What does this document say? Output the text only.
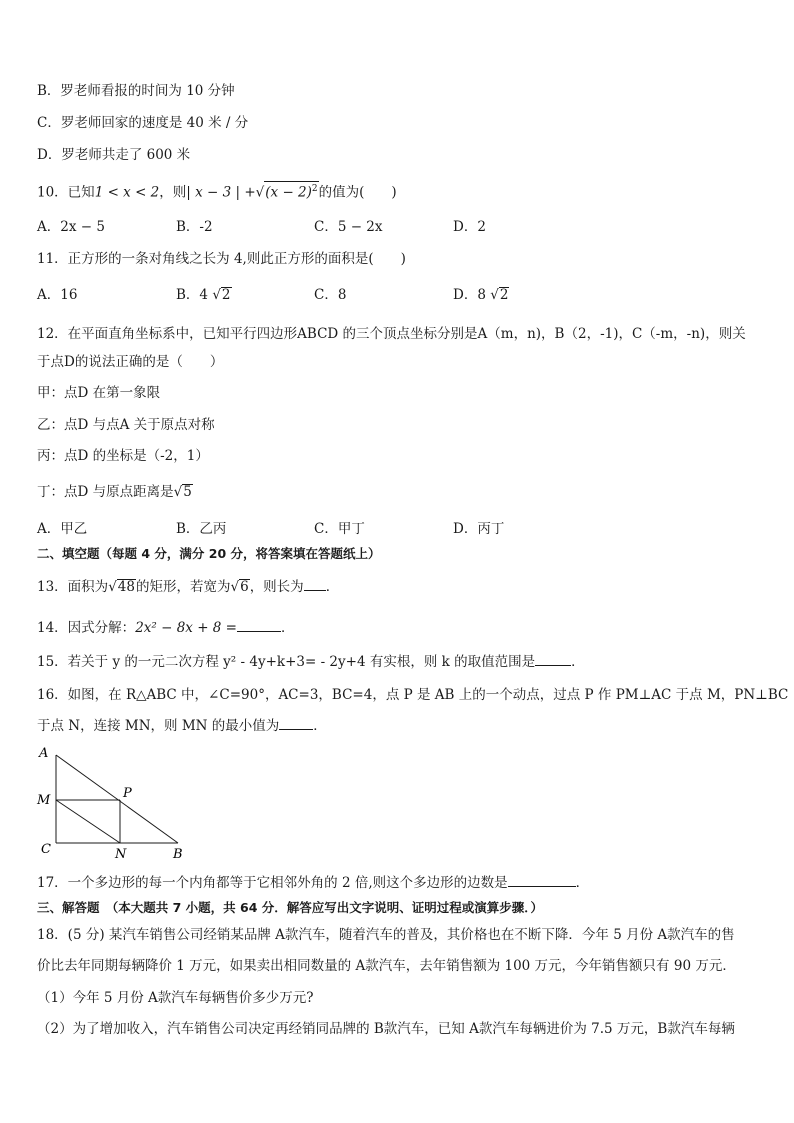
B．罗老师看报的时间为 10 分钟
C．罗老师回家的速度是 40 米 / 分
D．罗老师共走了 600 米
10．已知1 < x < 2，则| x − 3 | $+√(x - 2)^2$的值为(　　)
A．2x − 5	B．-2	C．5 − 2x	D．2
11．正方形的一条对角线之长为 4,则此正方形的面积是(　　)
A．16	B．4 √2	C．8	D．8 √2
12．在平面直角坐标系中，已知平行四边形ABCD 的三个顶点坐标分别是A（m，n)，B（2，-1)，C（-m，-n)，则关
于点D的说法正确的是（　　）
甲：点D 在第一象限
乙：点D 与点A 关于原点对称
丙：点D 的坐标是（-2，1）
丁：点D 与原点距离是√5
A．甲乙	B．乙丙	C．甲丁	D．丙丁
二、填空题（每题 4 分，满分 20 分，将答案填在答题纸上）
13．面积为√48的矩形，若宽为√6，则长为 ．
14．因式分解：2x² − 8x + 8 =	．
15．若关于 y 的一元二次方程 y² - 4y+k+3= - 2y+4 有实根，则 k 的取值范围是	．
16．如图，在 R△ABC 中，∠C=90°，AC=3，BC=4，点 P 是 AB 上的一个动点，过点 P 作 PM⊥AC 于点 M，PN⊥BC
于点 N，连接 MN，则 MN 的最小值为	．
A
M	P
C	N	B
17．一个多边形的每一个内角都等于它相邻外角的 2 倍,则这个多边形的边数是	．
三、解答题　（本大题共 7 小题，共 64 分．解答应写出文字说明、证明过程或演算步骤．）
18．(5 分) 某汽车销售公司经销某品牌 A款汽车，随着汽车的普及，其价格也在不断下降．今年 5 月份 A款汽车的售
价比去年同期每辆降价 1 万元，如果卖出相同数量的 A款汽车，去年销售额为 100 万元，今年销售额只有 90 万元．
（1）今年 5 月份 A款汽车每辆售价多少万元?
（2）为了增加收入，汽车销售公司决定再经销同品牌的 B款汽车，已知 A款汽车每辆进价为 7.5 万元，B款汽车每辆
